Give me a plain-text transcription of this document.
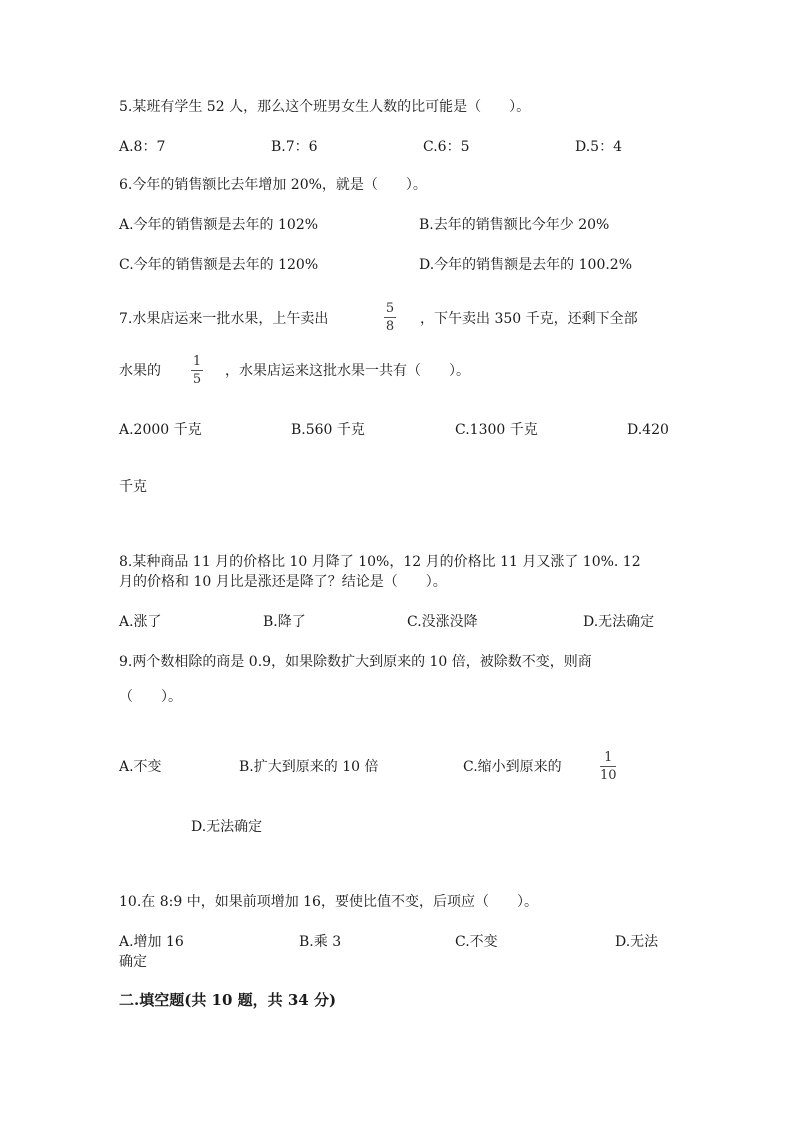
5.某班有学生 52 人，那么这个班男女生人数的比可能是（　　）。
A.8：7	B.7：6	C.6：5	D.5：4
6.今年的销售额比去年增加 20%，就是（　　）。
A.今年的销售额是去年的 102%	B.去年的销售额比今年少 20%
C.今年的销售额是去年的 120%	D.今年的销售额是去年的 100.2%
7.水果店运来一批水果，上午卖出
5
8 ，下午卖出 350 千克，还剩下全部
水果的
1
5
，水果店运来这批水果一共有（　　）。
A.2000 千克	B.560 千克	C.1300 千克	D.420
千克
8.某种商品 11 月的价格比 10 月降了 10%，12 月的价格比 11 月又涨了 10%. 12
月的价格和 10 月比是涨还是降了？结论是（　　）。
A.涨了	B.降了	C.没涨没降	D.无法确定
9.两个数相除的商是 0.9，如果除数扩大到原来的 10 倍，被除数不变，则商
（　　）。
A.不变	B.扩大到原来的 10 倍	C.缩小到原来的
1
10
D.无法确定
10.在 8:9 中，如果前项增加 16，要使比值不变，后项应（　　）。
A.增加 16	B.乘 3	C.不变	D.无法
确定
二.填空题(共 10 题，共 34 分)
